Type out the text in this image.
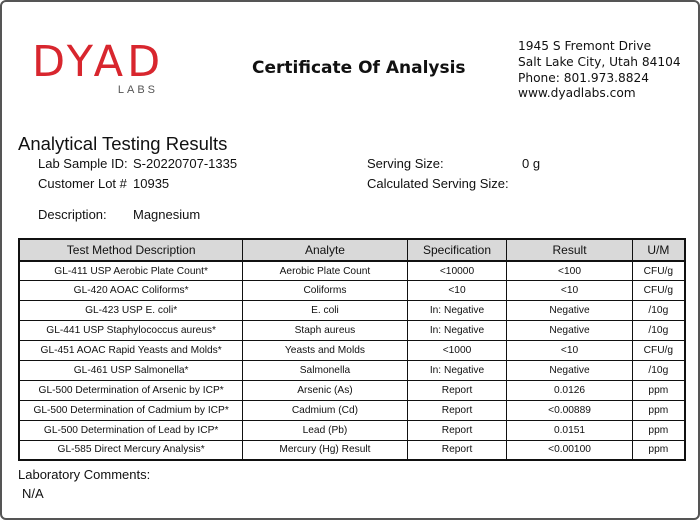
DYAD
LABS
Certificate Of Analysis
1945 S Fremont Drive
Salt Lake City, Utah 84104
Phone: 801.973.8824
www.dyadlabs.com
Analytical Testing Results
Lab Sample ID: S-20220707-1335
Customer Lot # 10935
Serving Size:	0 g
Calculated Serving Size:
Description: Magnesium
Test Method Description	Analyte	Specification	Result	U/M
GL-411 USP Aerobic Plate Count*	Aerobic Plate Count	<10000	<100	CFU/g
GL-420 AOAC Coliforms*	Coliforms	<10	<10	CFU/g
GL-423 USP E. coli*	E. coli	In: Negative	Negative	/10g
GL-441 USP Staphylococcus aureus*	Staph aureus	In: Negative	Negative	/10g
GL-451 AOAC Rapid Yeasts and Molds*	Yeasts and Molds	<1000	<10	CFU/g
GL-461 USP Salmonella*	Salmonella	In: Negative	Negative	/10g
GL-500 Determination of Arsenic by ICP*	Arsenic (As)	Report	0.0126	ppm
GL-500 Determination of Cadmium by ICP*	Cadmium (Cd)	Report	<0.00889	ppm
GL-500 Determination of Lead by ICP*	Lead (Pb)	Report	0.0151	ppm
GL-585 Direct Mercury Analysis*	Mercury (Hg) Result	Report	<0.00100	ppm
Laboratory Comments:
N/A
